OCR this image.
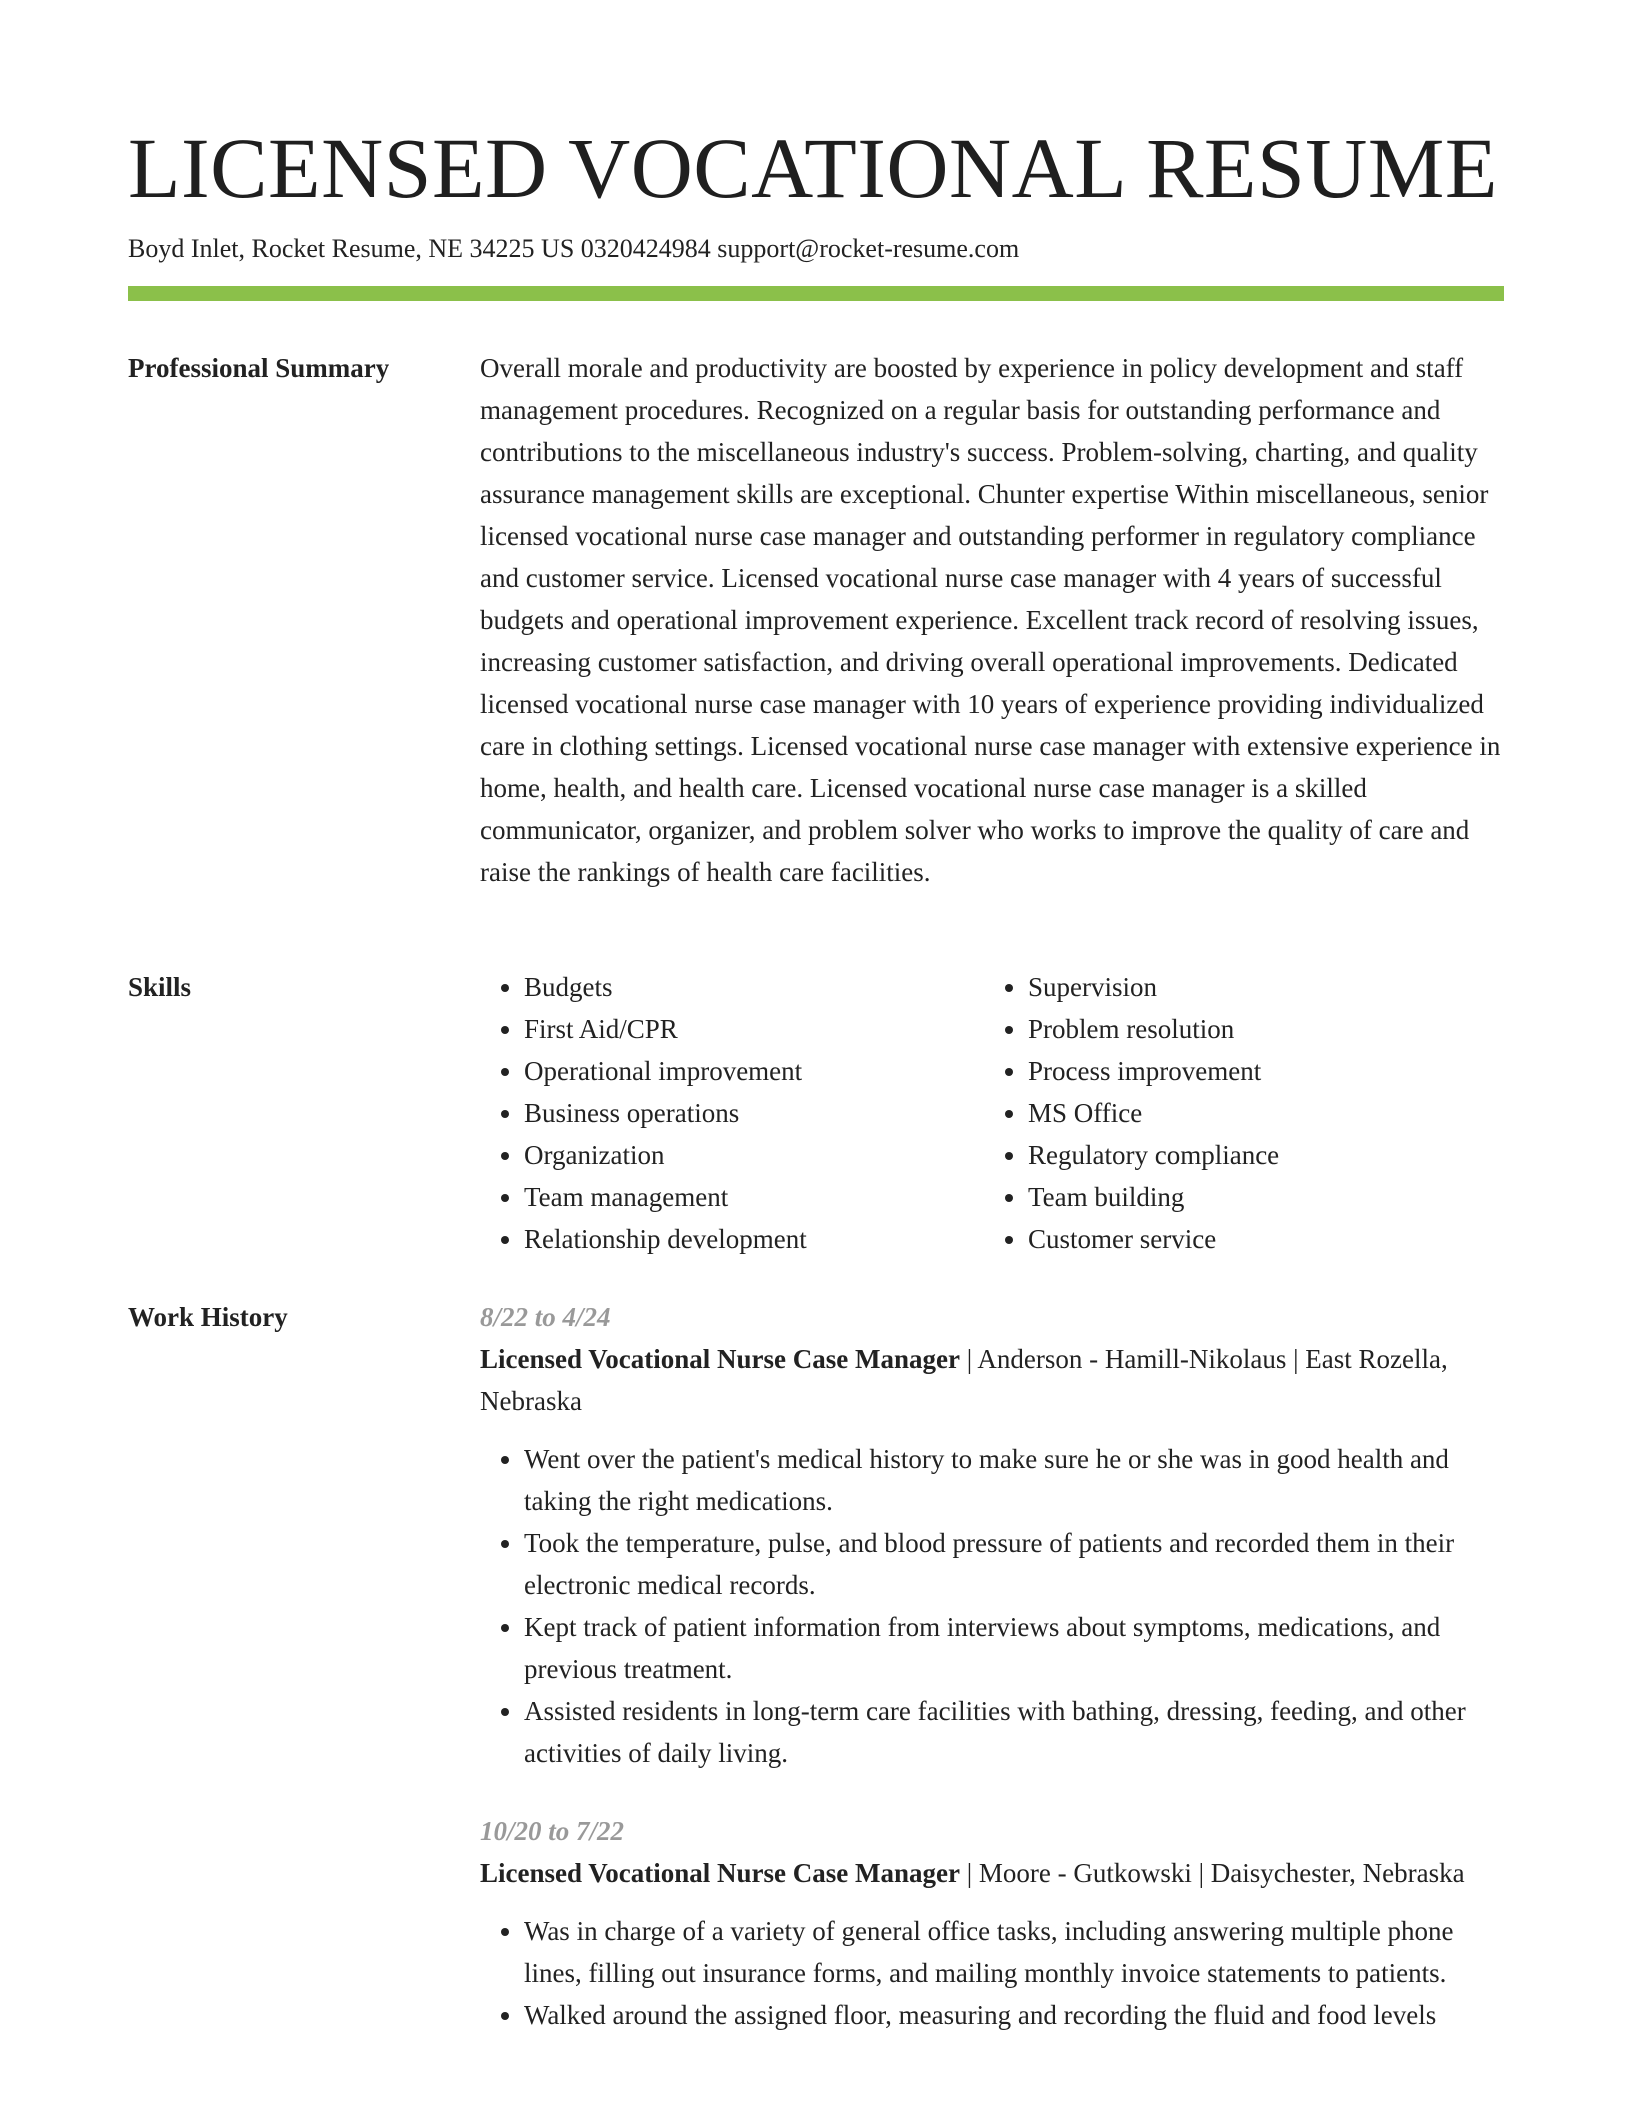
LICENSED VOCATIONAL RESUME
Boyd Inlet, Rocket Resume, NE 34225 US 0320424984 support@rocket-resume.com
Professional Summary	Overall morale and productivity are boosted by experience in policy development and staff management procedures. Recognized on a regular basis for outstanding performance and contributions to the miscellaneous industry's success. Problem-solving, charting, and quality assurance management skills are exceptional. Chunter expertise Within miscellaneous, senior licensed vocational nurse case manager and outstanding performer in regulatory compliance and customer service. Licensed vocational nurse case manager with 4 years of successful budgets and operational improvement experience. Excellent track record of resolving issues, increasing customer satisfaction, and driving overall operational improvements. Dedicated licensed vocational nurse case manager with 10 years of experience providing individualized care in clothing settings. Licensed vocational nurse case manager with extensive experience in home, health, and health care. Licensed vocational nurse case manager is a skilled communicator, organizer, and problem solver who works to improve the quality of care and raise the rankings of health care facilities.

Skills
•	Budgets
• First Aid/CPR
• Operational improvement
• Business operations
• Organization
• Team management
• Relationship development
• Supervision
• Problem resolution
• Process improvement
• MS Office
• Regulatory compliance
• Team building
• Customer service
Work History	8/22 to 4/24
Licensed Vocational Nurse Case Manager | Anderson - Hamill-Nikolaus | East Rozella, Nebraska
• Went over the patient's medical history to make sure he or she was in good health and taking the right medications.
• Took the temperature, pulse, and blood pressure of patients and recorded them in their electronic medical records.
• Kept track of patient information from interviews about symptoms, medications, and previous treatment.
• Assisted residents in long-term care facilities with bathing, dressing, feeding, and other activities of daily living.
10/20 to 7/22
Licensed Vocational Nurse Case Manager | Moore - Gutkowski | Daisychester, Nebraska
• Was in charge of a variety of general office tasks, including answering multiple phone lines, filling out insurance forms, and mailing monthly invoice statements to patients.
• Walked around the assigned floor, measuring and recording the fluid and food levels
